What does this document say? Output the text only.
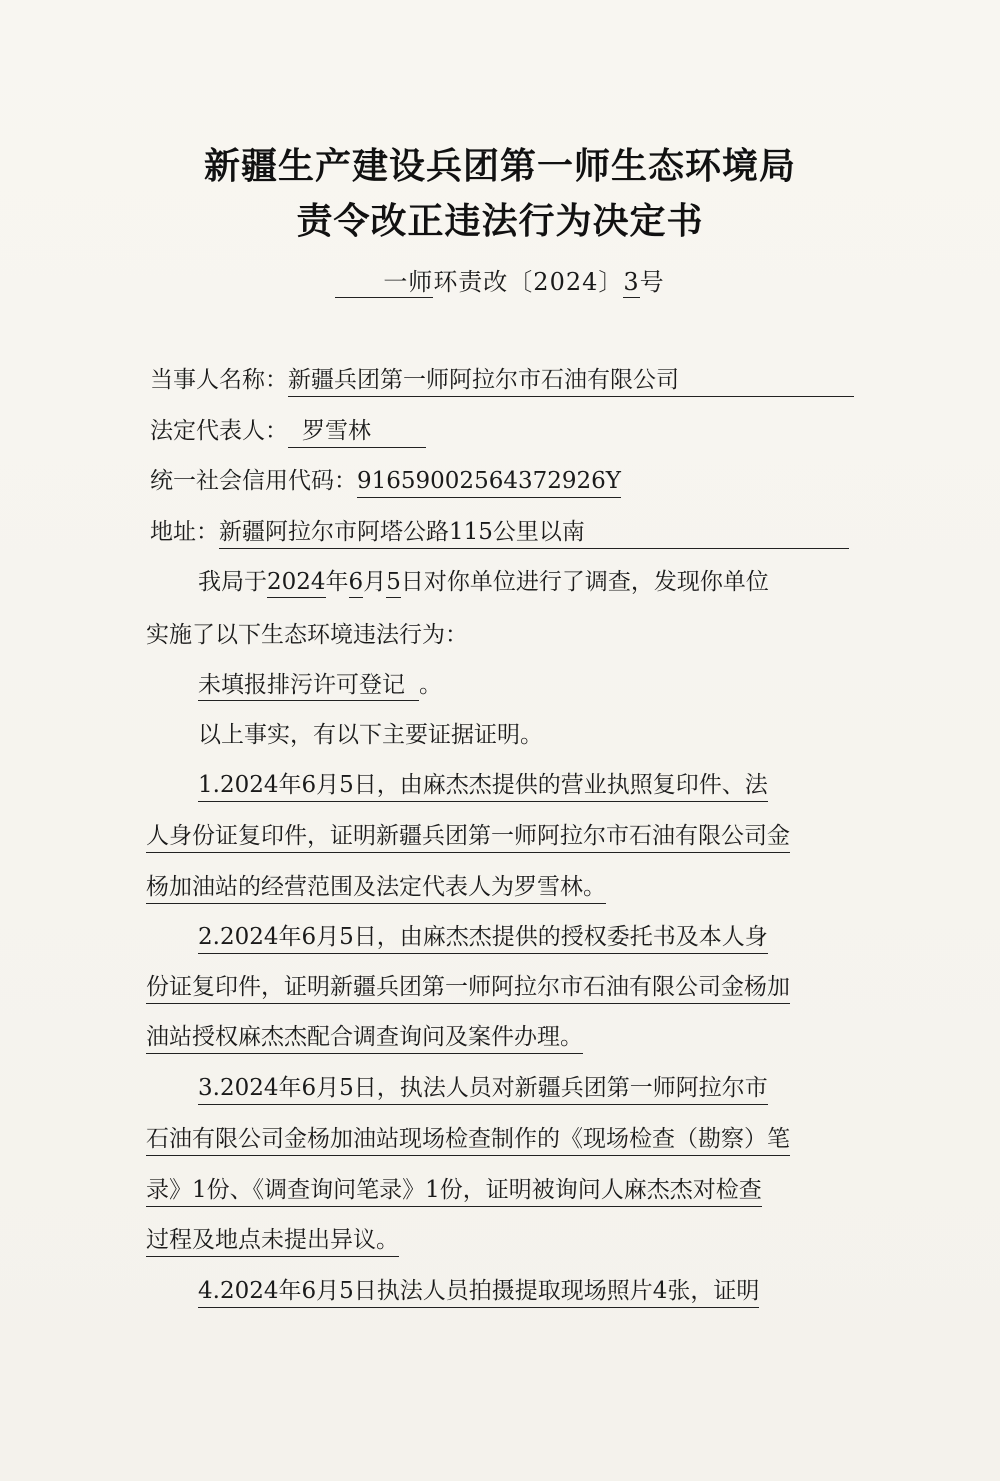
新疆生产建设兵团第一师生态环境局
责令改正违法行为决定书
一师环责改〔2024〕3号
当事人名称：新疆兵团第一师阿拉尔市石油有限公司
法定代表人： 罗雪林
统一社会信用代码：91659002564372926Y
地址：新疆阿拉尔市阿塔公路115公里以南
我局于2024年6月5日对你单位进行了调查，发现你单位
实施了以下生态环境违法行为：
未填报排污许可登记 。
以上事实，有以下主要证据证明。
1.2024年6月5日，由麻杰杰提供的营业执照复印件、法
人身份证复印件，证明新疆兵团第一师阿拉尔市石油有限公司金
杨加油站的经营范围及法定代表人为罗雪林。
2.2024年6月5日，由麻杰杰提供的授权委托书及本人身
份证复印件，证明新疆兵团第一师阿拉尔市石油有限公司金杨加
油站授权麻杰杰配合调查询问及案件办理。
3.2024年6月5日，执法人员对新疆兵团第一师阿拉尔市
石油有限公司金杨加油站现场检查制作的《现场检查（勘察）笔
录》1份、《调查询问笔录》1份，证明被询问人麻杰杰对检查
过程及地点未提出异议。
4.2024年6月5日执法人员拍摄提取现场照片4张，证明
